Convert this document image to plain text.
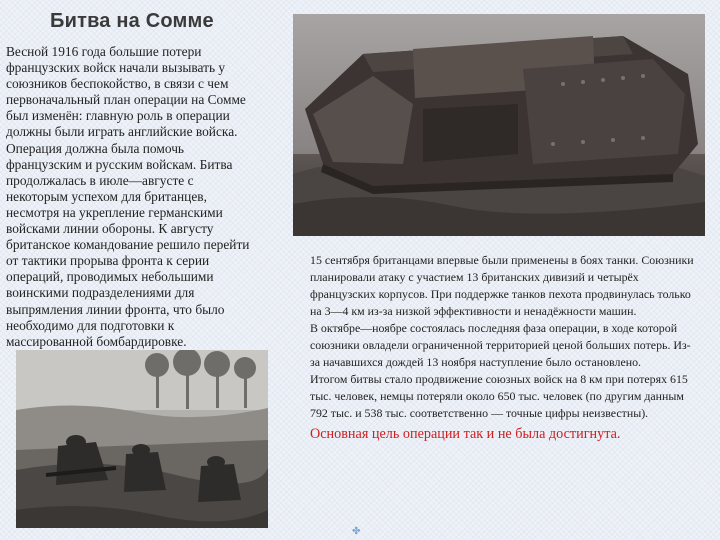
Битва на Сомме
Весной 1916 года большие потери
французских войск начали вызывать у
союзников беспокойство, в связи с чем
первоначальный план операции на Сомме
был изменён: главную роль в операции
должны были играть английские войска.
Операция должна была помочь
французским и русским войскам. Битва
продолжалась в июле—августе с
некоторым успехом для британцев,
несмотря на укрепление германскими
войсками линии обороны. К августу
британское командование решило перейти
от тактики прорыва фронта к серии
операций, проводимых небольшими
воинскими подразделениями для
выпрямления линии фронта, что было
необходимо для подготовки к
массированной бомбардировке.

15 сентября британцами впервые были применены в боях танки. Союзники планировали атаку с участием 13 британских дивизий и четырёх французских корпусов. При поддержке танков пехота продвинулась только на 3—4 км из-за низкой эффективности и ненадёжности машин.

В октябре—ноябре состоялась последняя фаза операции, в ходе которой союзники овладели ограниченной территорией ценой больших потерь. Из-за начавшихся дождей 13 ноября наступление было остановлено.

Итогом битвы стало продвижение союзных войск на 8 км при потерях 615 тыс. человек, немцы потеряли около 650 тыс. человек (по другим данным 792 тыс. и 538 тыс. соответственно — точные цифры неизвестны).

Основная цель операции так и не была достигнута.

✤
